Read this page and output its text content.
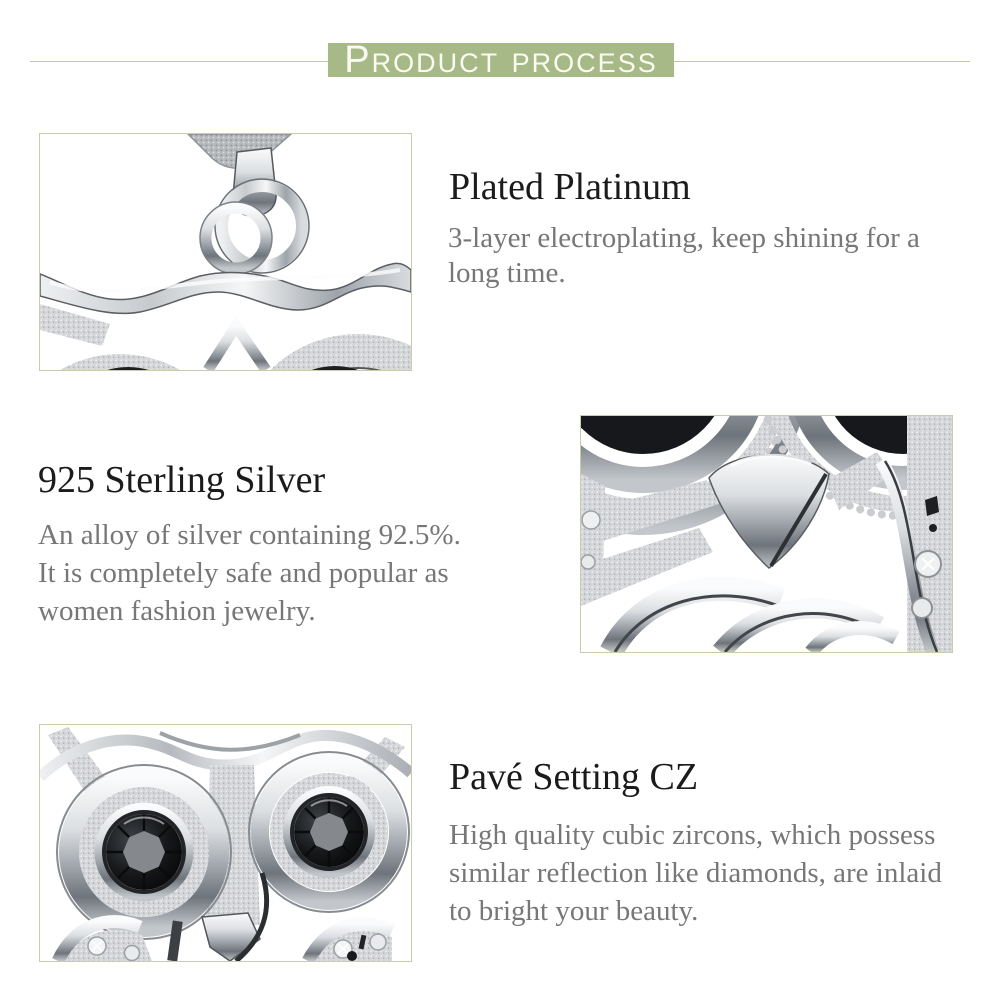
Product process
Plated Platinum
3-layer electroplating, keep shining for a
long time.
925 Sterling Silver
An alloy of silver containing 92.5%.
It is completely safe and popular as
women fashion jewelry.
Pavé Setting CZ
High quality cubic zircons, which possess
similar reflection like diamonds, are inlaid
to bright your beauty.
